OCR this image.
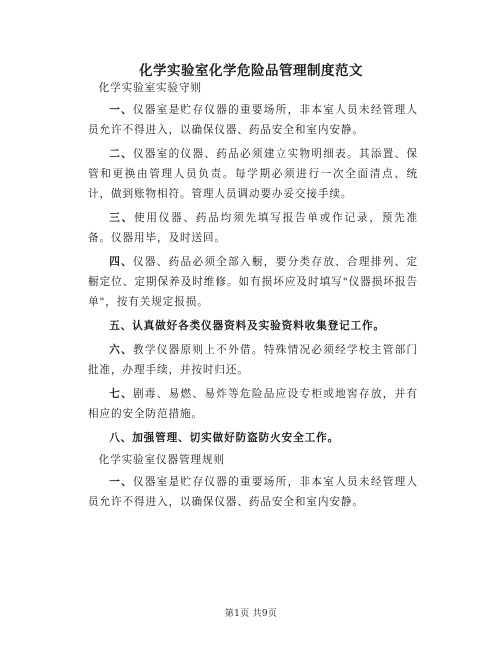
化学实验室化学危险品管理制度范文

化学实验室实验守则

一、仪器室是贮存仪器的重要场所，非本室人员未经管理人员允许不得进入，以确保仪器、药品安全和室内安静。

二、仪器室的仪器、药品必须建立实物明细表。其添置、保管和更换由管理人员负责。每学期必须进行一次全面清点、统计，做到账物相符。管理人员调动要办妥交接手续。

三、使用仪器、药品均须先填写报告单或作记录，预先准备。仪器用毕，及时送回。

四、仪器、药品必须全部入橱，要分类存放、合理排列、定橱定位、定期保养及时维修。如有损坏应及时填写"仪器损坏报告单"，按有关规定报损。

五、认真做好各类仪器资料及实验资料收集登记工作。

六、教学仪器原则上不外借。特殊情况必须经学校主管部门批准，办理手续，并按时归还。

七、剧毒、易燃、易炸等危险品应设专柜或地窖存放，并有相应的安全防范措施。

八、加强管理、切实做好防盗防火安全工作。

化学实验室仪器管理规则

一、仪器室是贮存仪器的重要场所，非本室人员未经管理人员允许不得进入，以确保仪器、药品安全和室内安静。

第1页 共9页
